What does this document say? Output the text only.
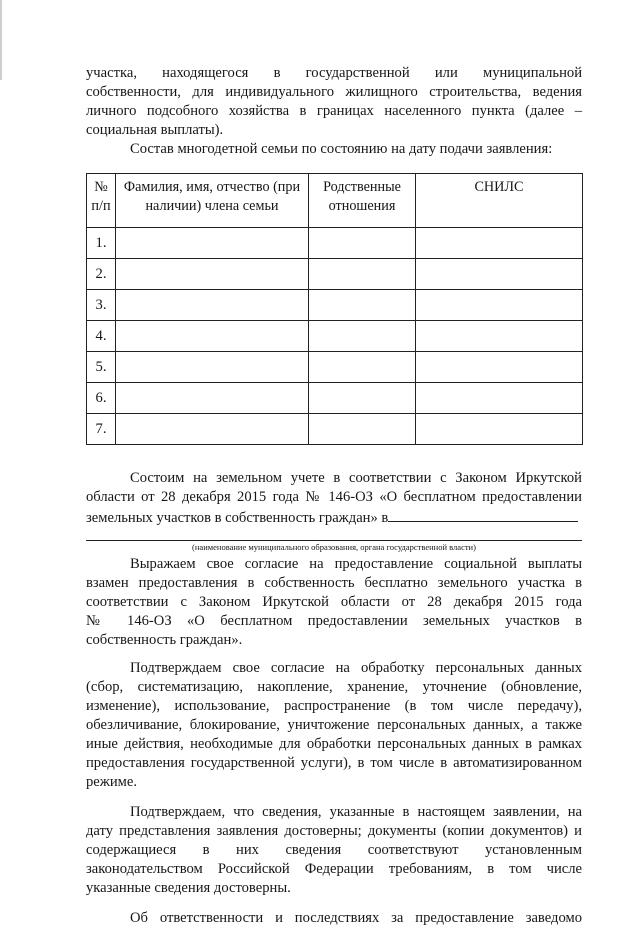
участка, находящегося в государственной или муниципальной

собственности, для индивидуального жилищного строительства, ведения

личного подсобного хозяйства в границах населенного пункта (далее –

социальная выплаты).

Состав многодетной семьи по состоянию на дату подачи заявления:

№ п/п	Фамилия, имя, отчество (при наличии) члена семьи	Родственные отношения	СНИЛС
1.			
2.			
3.			
4.			
5.			
6.			
7.			

Состоим на земельном учете в соответствии с Законом Иркутской

области от 28 декабря 2015 года № 146-ОЗ «О бесплатном предоставлении

земельных участков в собственность граждан» в

(наименование муниципального образования, органа государственной власти)

Выражаем свое согласие на предоставление социальной выплаты

взамен предоставления в собственность бесплатно земельного участка в

соответствии с Законом Иркутской области от 28 декабря 2015 года

№ 146-ОЗ «О бесплатном предоставлении земельных участков в

собственность граждан».

Подтверждаем свое согласие на обработку персональных данных

(сбор, систематизацию, накопление, хранение, уточнение (обновление,

изменение), использование, распространение (в том числе передачу),

обезличивание, блокирование, уничтожение персональных данных, а также

иные действия, необходимые для обработки персональных данных в рамках

предоставления государственной услуги), в том числе в автоматизированном

режиме.

Подтверждаем, что сведения, указанные в настоящем заявлении, на

дату представления заявления достоверны; документы (копии документов) и

содержащиеся в них сведения соответствуют установленным

законодательством Российской Федерации требованиям, в том числе

указанные сведения достоверны.

Об ответственности и последствиях за предоставление заведомо
